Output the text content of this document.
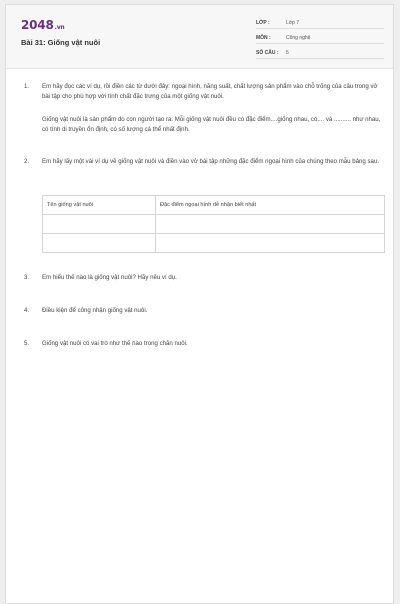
2048.vn
Bài 31: Giống vật nuôi
LỚP :	Lớp 7
MÔN :	Công nghệ
SỐ CÂU : 5
1. Em hãy đọc các ví dụ, rồi điền các từ dưới đây: ngoại hình, năng suất, chất lượng sản phẩm vào chỗ trống của câu trong vở bài tập cho phù hợp với tính chất đặc trưng của một giống vật nuôi.
Giống vật nuôi là sản phẩm do con người tạo ra. Mỗi giống vật nuôi đều có đặc điểm....giống nhau, có.... và .......... như nhau, có tính di truyền ổn định, có số lượng cá thể nhất định.
2. Em hãy lấy một vài ví dụ về giống vật nuôi và điền vào vở bài tập những đặc điểm ngoại hình của chúng theo mẫu bảng sau.
Tên giống vật nuôi	Đặc điểm ngoại hình dễ nhận biết nhất

3. Em hiểu thế nào là giống vật nuôi? Hãy nêu ví dụ.
4. Điều kiện để công nhận giống vật nuôi.
5. Giống vật nuôi có vai trò như thế nào trong chăn nuôi.
